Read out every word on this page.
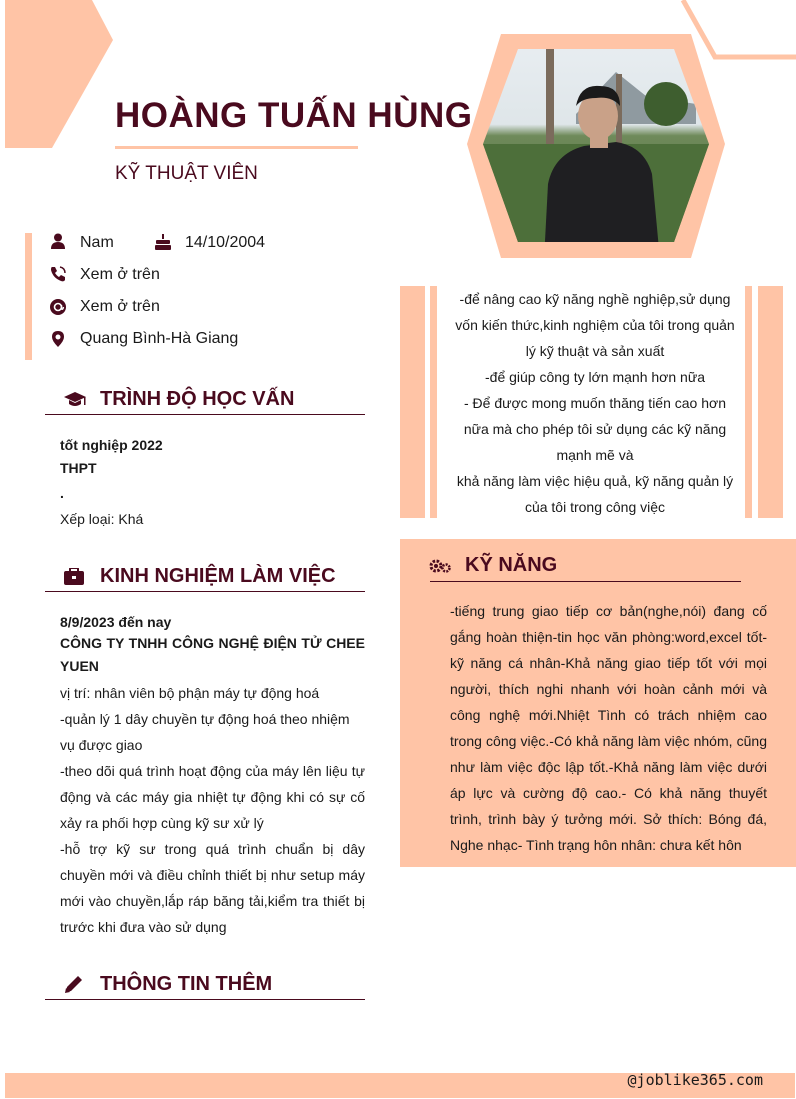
HOÀNG TUẤN HÙNG
KỸ THUẬT VIÊN
Nam	14/10/2004
Xem ở trên
Xem ở trên
Quang Bình-Hà Giang
TRÌNH ĐỘ HỌC VẤN
tốt nghiệp 2022
THPT
.
Xếp loại: Khá
KINH NGHIỆM LÀM VIỆC
8/9/2023 đến nay
CÔNG TY TNHH CÔNG NGHỆ ĐIỆN TỬ CHEE YUEN
vị trí: nhân viên bộ phận máy tự động hoá
-quản lý 1 dây chuyền tự động hoá theo nhiệm vụ được giao
-theo dõi quá trình hoạt động của máy lên liệu tự động và các máy gia nhiệt tự động khi có sự cố xảy ra phối hợp cùng kỹ sư xử lý
-hỗ trợ kỹ sư trong quá trình chuẩn bị dây chuyền mới và điều chỉnh thiết bị như setup máy mới vào chuyền,lắp ráp băng tải,kiểm tra thiết bị trước khi đưa vào sử dụng
THÔNG TIN THÊM
-để nâng cao kỹ năng nghề nghiệp,sử dụng vốn kiến thức,kinh nghiệm của tôi trong quản lý kỹ thuật và sản xuất
-để giúp công ty lớn mạnh hơn nữa
- Để được mong muốn thăng tiến cao hơn nữa mà cho phép tôi sử dụng các kỹ năng mạnh mẽ và
khả năng làm việc hiệu quả, kỹ năng quản lý của tôi trong công việc
KỸ NĂNG
-tiếng trung giao tiếp cơ bản(nghe,nói) đang cố gắng hoàn thiện-tin học văn phòng:word,excel tốt-kỹ năng cá nhân-Khả năng giao tiếp tốt với mọi người, thích nghi nhanh với hoàn cảnh mới và công nghệ mới.Nhiệt Tình có trách nhiệm cao trong công việc.-Có khả năng làm việc nhóm, cũng như làm việc độc lập tốt.-Khả năng làm việc dưới áp lực và cường độ cao.- Có khả năng thuyết trình, trình bày ý tưởng mới. Sở thích: Bóng đá, Nghe nhạc- Tình trạng hôn nhân: chưa kết hôn
@joblike365.com
